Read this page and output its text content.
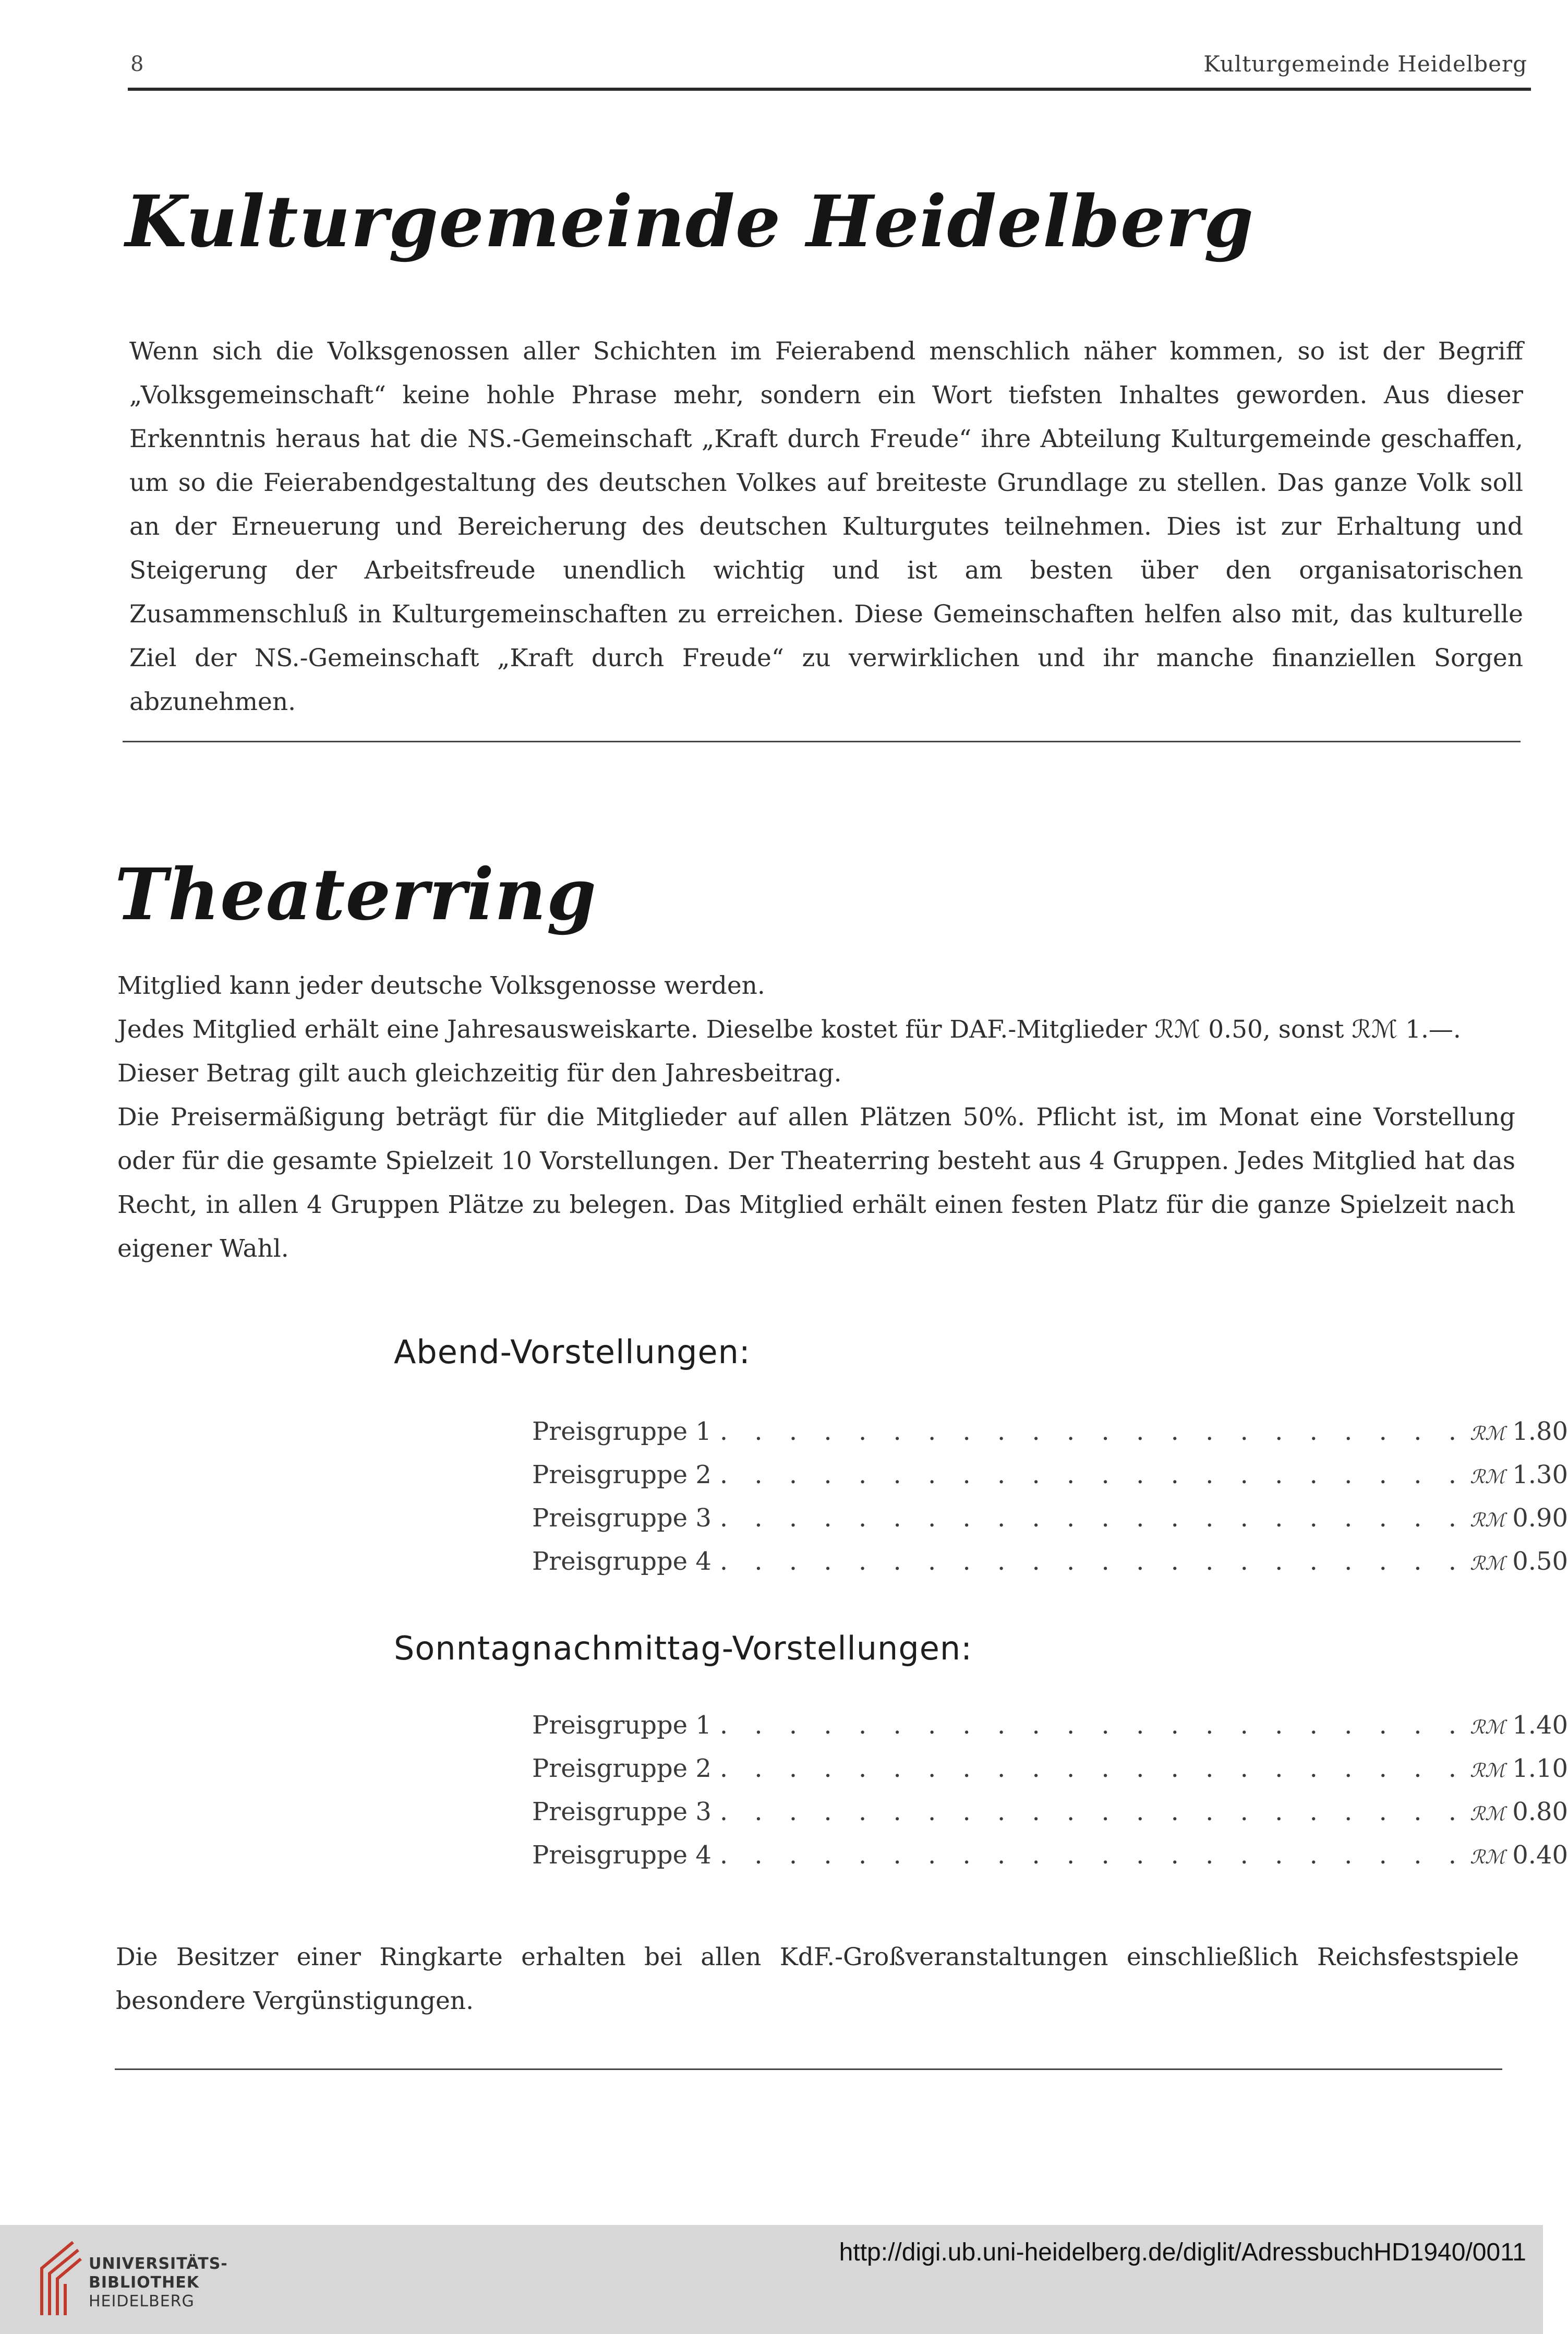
8	Kulturgemeinde Heidelberg
Kulturgemeinde Heidelberg
Wenn sich die Volksgenossen aller Schichten im Feierabend menschlich näher kommen, so ist der Begriff „Volksgemeinschaft“ keine hohle Phrase mehr, sondern ein Wort tiefsten Inhaltes geworden. Aus dieser Erkenntnis heraus hat die NS.-Gemeinschaft „Kraft durch Freude“ ihre Abteilung Kulturgemeinde geschaffen, um so die Feierabendgestaltung des deutschen Volkes auf breiteste Grundlage zu stellen. Das ganze Volk soll an der Erneuerung und Bereicherung des deutschen Kulturgutes teilnehmen. Dies ist zur Erhaltung und Steigerung der Arbeitsfreude unendlich wichtig und ist am besten über den organisatorischen Zusammenschluß in Kulturgemeinschaften zu erreichen. Diese Gemeinschaften helfen also mit, das kulturelle Ziel der NS.-Gemeinschaft „Kraft durch Freude“ zu verwirklichen und ihr manche finanziellen Sorgen abzunehmen.
Theaterring

Mitglied kann jeder deutsche Volksgenosse werden.

Jedes Mitglied erhält eine Jahresausweiskarte. Dieselbe kostet für DAF.-Mitglieder ℛℳ 0.50, sonst ℛℳ 1.—.

Dieser Betrag gilt auch gleichzeitig für den Jahresbeitrag.

Die Preisermäßigung beträgt für die Mitglieder auf allen Plätzen 50%. Pflicht ist, im Monat eine Vorstellung oder für die gesamte Spielzeit 10 Vorstellungen. Der Theaterring besteht aus 4 Gruppen. Jedes Mitglied hat das Recht, in allen 4 Gruppen Plätze zu belegen. Das Mitglied erhält einen festen Platz für die ganze Spielzeit nach eigener Wahl.

Abend-Vorstellungen:
Preisgruppe 1 . . . . . . . . . . . . . . . . . . . . . . ℛℳ 1.80
Preisgruppe 2 . . . . . . . . . . . . . . . . . . . . . . ℛℳ 1.30
Preisgruppe 3 . . . . . . . . . . . . . . . . . . . . . . ℛℳ 0.90
Preisgruppe 4 . . . . . . . . . . . . . . . . . . . . . . ℛℳ 0.50
Sonntagnachmittag-Vorstellungen:
Preisgruppe 1 . . . . . . . . . . . . . . . . . . . . . . ℛℳ 1.40
Preisgruppe 2 . . . . . . . . . . . . . . . . . . . . . . ℛℳ 1.10
Preisgruppe 3 . . . . . . . . . . . . . . . . . . . . . . ℛℳ 0.80
Preisgruppe 4 . . . . . . . . . . . . . . . . . . . . . . ℛℳ 0.40
Die Besitzer einer Ringkarte erhalten bei allen KdF.-Großveranstaltungen einschließlich Reichsfestspiele besondere Vergünstigungen.
UNIVERSITÄTS-
BIBLIOTHEK
HEIDELBERG
http://digi.ub.uni-heidelberg.de/diglit/AdressbuchHD1940/0011
